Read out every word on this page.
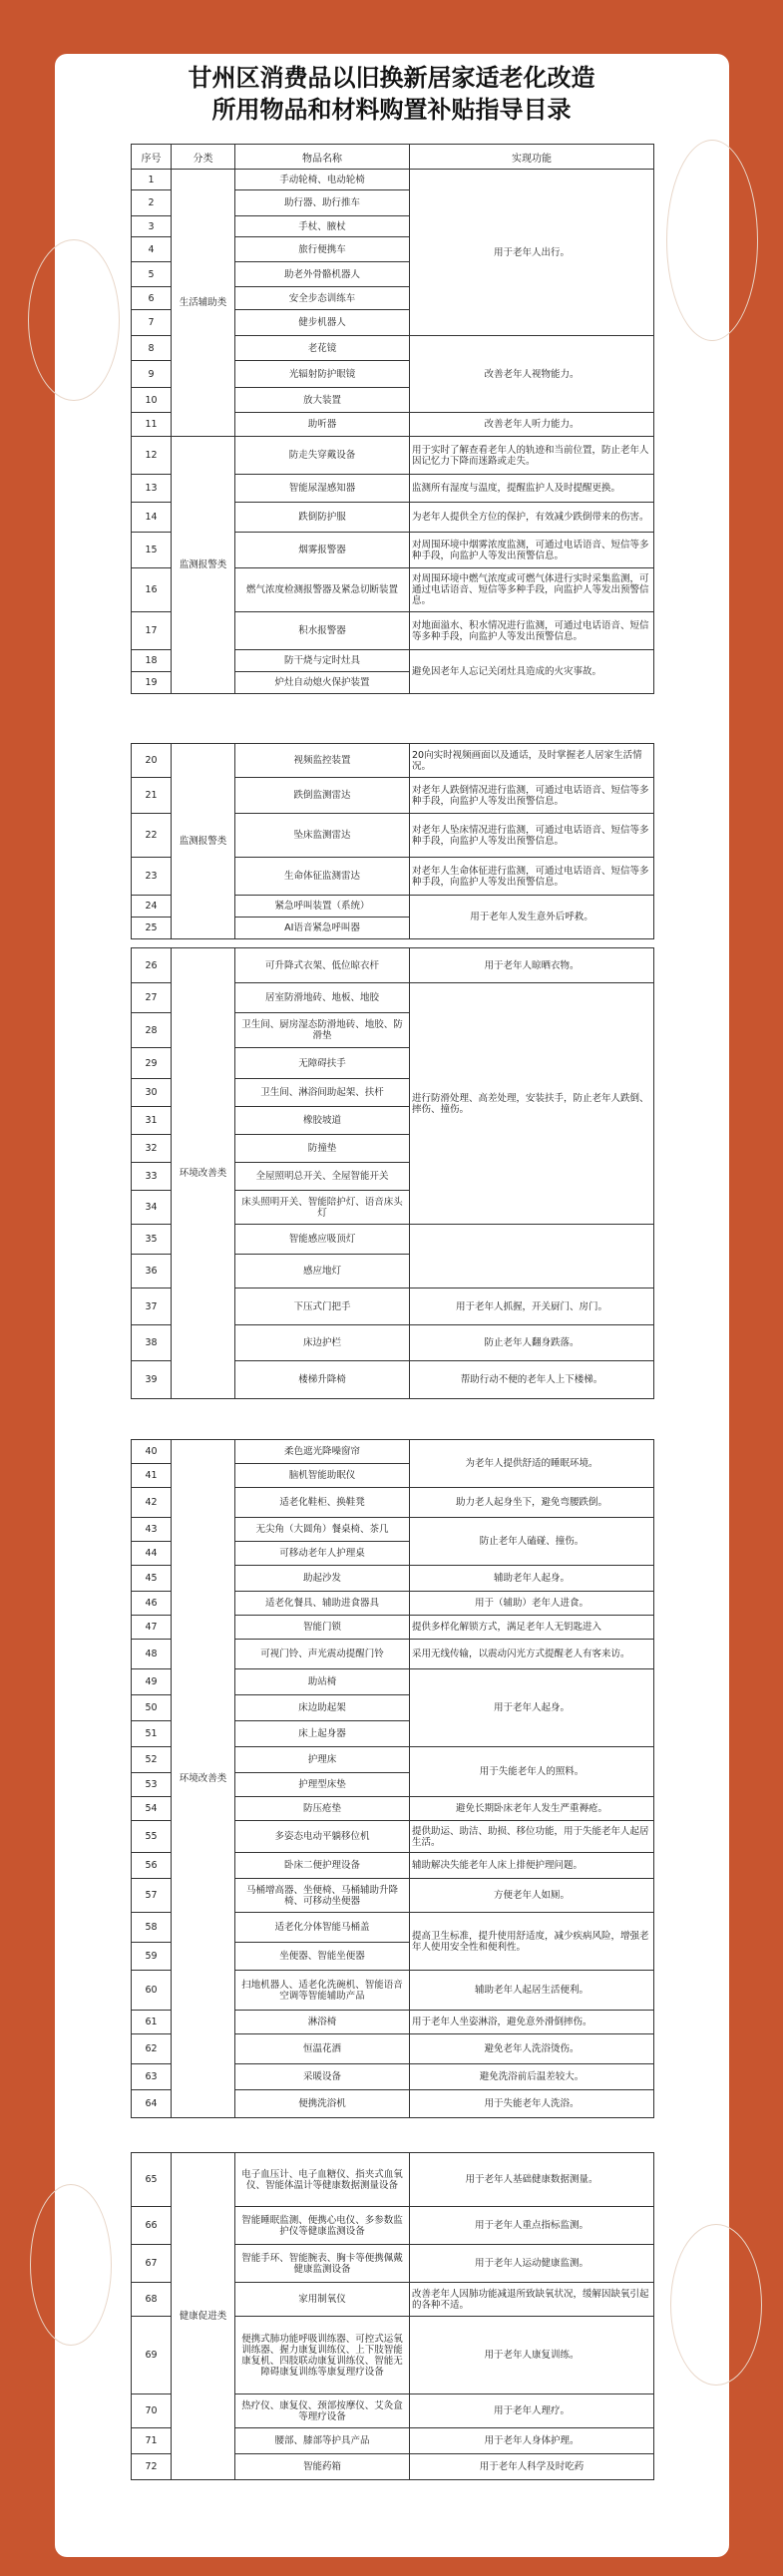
甘州区消费品以旧换新居家适老化改造
所用物品和材料购置补贴指导目录
序号	分类	物品名称	实现功能
1	生活辅助类	手动轮椅、电动轮椅	用于老年人出行。
2		助行器、助行推车	
3		手杖、腋杖	
4		旅行便携车	
5		助老外骨骼机器人	
6		安全步态训练车	
7		健步机器人	
8		老花镜	改善老年人视物能力。
9		光辐射防护眼镜	
10		放大装置	
11		助听器	改善老年人听力能力。
12	监测报警类	防走失穿戴设备	用于实时了解查看老年人的轨迹和当前位置，防止老年人因记忆力下降而迷路或走失。
13		智能尿湿感知器	监测所有湿度与温度，提醒监护人及时提醒更换。
14		跌倒防护服	为老年人提供全方位的保护，有效减少跌倒带来的伤害。
15		烟雾报警器	对周围环境中烟雾浓度监测，可通过电话语音、短信等多种手段，向监护人等发出预警信息。
16		燃气浓度检测报警器及紧急切断装置	对周围环境中燃气浓度或可燃气体进行实时采集监测，可通过电话语音、短信等多种手段，向监护人等发出预警信息。
17		积水报警器	对地面溢水、积水情况进行监测，可通过电话语音、短信等多种手段，向监护人等发出预警信息。
18		防干烧与定时灶具	避免因老年人忘记关闭灶具造成的火灾事故。
19		炉灶自动熄火保护装置	
20	监测报警类	视频监控装置	20向实时视频画面以及通话，及时掌握老人居家生活情况。
21		跌倒监测雷达	对老年人跌倒情况进行监测，可通过电话语音、短信等多种手段，向监护人等发出预警信息。
22		坠床监测雷达	对老年人坠床情况进行监测，可通过电话语音、短信等多种手段，向监护人等发出预警信息。
23		生命体征监测雷达	对老年人生命体征进行监测，可通过电话语音、短信等多种手段，向监护人等发出预警信息。
24		紧急呼叫装置（系统）	用于老年人发生意外后呼救。
25		AI语音紧急呼叫器	
26	环境改善类	可升降式衣架、低位晾衣杆	用于老年人晾晒衣物。	
27		居室防滑地砖、地板、地胶	进行防滑处理、高差处理，安装扶手，防止老年人跌倒、摔伤、撞伤。	
28		卫生间、厨房湿态防滑地砖、地胶、防滑垫		
29		无障碍扶手		
30		卫生间、淋浴间助起架、扶杆		
31		橡胶坡道		
32		防撞垫		
33		全屋照明总开关、全屋智能开关	
34		床头照明开关、智能陪护灯、语音床头灯		
35		智能感应吸顶灯		
36		感应地灯		
37		下压式门把手	用于老年人抓握，开关厨门、房门。	
38		床边护栏	防止老年人翻身跌落。	
39		楼梯升降椅	帮助行动不便的老年人上下楼梯。	
40	环境改善类	柔色遮光降噪窗帘	为老年人提供舒适的睡眠环境。
41		脑机智能助眠仪	
42		适老化鞋柜、换鞋凳	助力老人起身坐下，避免弯腰跌倒。
43		无尖角（大圆角）餐桌椅、茶几	防止老年人磕碰、撞伤。
44		可移动老年人护理桌	
45		助起沙发	辅助老年人起身。
46		适老化餐具、辅助进食器具	用于（辅助）老年人进食。
47		智能门锁	提供多样化解锁方式，满足老年人无钥匙进入
48		可视门铃、声光震动提醒门铃	采用无线传输，以震动闪光方式提醒老人有客来访。
49		助站椅	用于老年人起身。
50		床边助起架	
51		床上起身器	
52		护理床	用于失能老年人的照料。
53		护理型床垫	
54		防压疮垫	避免长期卧床老年人发生严重褥疮。
55		多姿态电动平躺移位机	提供助运、助洁、助损、移位功能，用于失能老年人起居生活。
56		卧床二便护理设备	辅助解决失能老年人床上排便护理问题。
57		马桶增高器、坐便椅、马桶辅助升降椅、可移动坐便器	方便老年人如厕。
58		适老化分体智能马桶盖	提高卫生标准，提升使用舒适度，减少疾病风险，增强老年人使用安全性和便利性。
59		坐便器、智能坐便器	
60		扫地机器人、适老化洗碗机、智能语音空调等智能辅助产品	辅助老年人起居生活便利。
61		淋浴椅	用于老年人坐姿淋浴，避免意外滑倒摔伤。
62		恒温花洒	避免老年人洗浴烫伤。
63		采暖设备	避免洗浴前后温差较大。
64		便携洗浴机	用于失能老年人洗浴。
65	健康促进类	电子血压计、电子血糖仪、指夹式血氧仪、智能体温计等健康数据测量设备	用于老年人基础健康数据测量。
66		智能睡眠监测、便携心电仪、多参数监护仪等健康监测设备	用于老年人重点指标监测。
67		智能手环、智能腕表、胸卡等便携佩戴健康监测设备	用于老年人运动健康监测。
68		家用制氧仪	改善老年人因肺功能减退所致缺氧状况，缓解因缺氧引起的各种不适。
69		便携式肺功能呼吸训练器、可控式运氧训练器、握力康复训练仪、上下肢智能康复机、四肢联动康复训练仪、智能无障碍康复训练等康复理疗设备	用于老年人康复训练。
70		热疗仪、康复仪、颈部按摩仪、艾灸盒等理疗设备	用于老年人理疗。
71		腰部、膝部等护具产品	用于老年人身体护理。
72		智能药箱	用于老年人科学及时吃药
